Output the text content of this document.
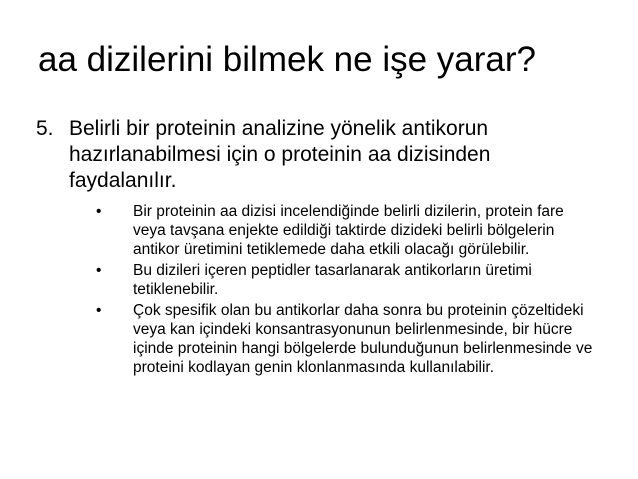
aa dizilerini bilmek ne işe yarar?
5. Belirli bir proteinin analizine yönelik antikorun hazırlanabilmesi için o proteinin aa dizisinden faydalanılır.
• Bir proteinin aa dizisi incelendiğinde belirli dizilerin, protein fare veya tavşana enjekte edildiği taktirde dizideki belirli bölgelerin antikor üretimini tetiklemede daha etkili olacağı görülebilir.
• Bu dizileri içeren peptidler tasarlanarak antikorların üretimi tetiklenebilir.
• Çok spesifik olan bu antikorlar daha sonra bu proteinin çözeltideki veya kan içindeki konsantrasyonunun belirlenmesinde, bir hücre içinde proteinin hangi bölgelerde bulunduğunun belirlenmesinde ve proteini kodlayan genin klonlanmasında kullanılabilir.
